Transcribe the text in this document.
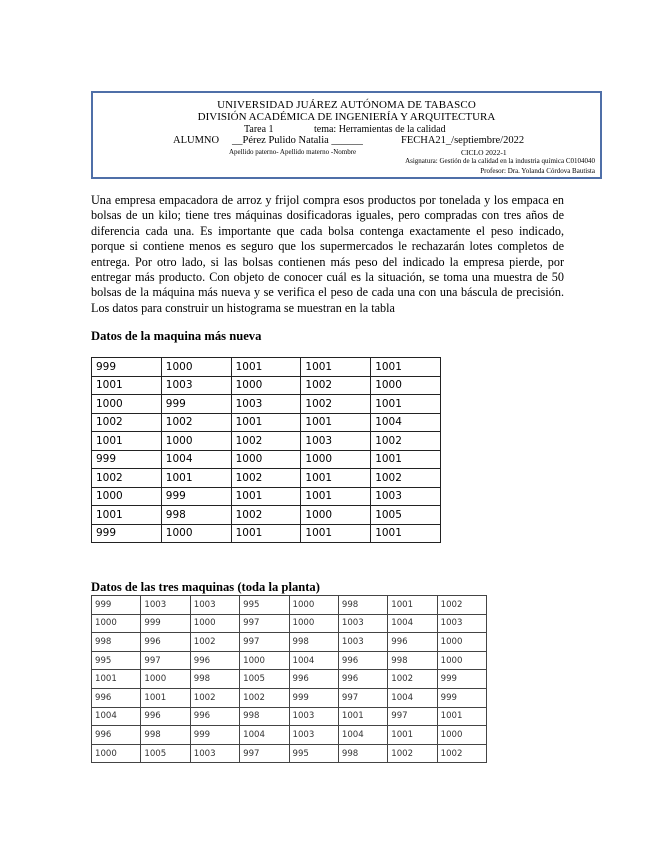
UNIVERSIDAD JUÁREZ AUTÓNOMA DE TABASCO
DIVISIÓN ACADÉMICA DE INGENIERÍA Y ARQUITECTURA
Tarea 1	tema: Herramientas de la calidad
ALUMNO __Pérez Pulido Natalia ______	FECHA21_/septiembre/2022
Apellido paterno- Apellido materno -Nombre	CICLO 2022-1
Asignatura: Gestión de la calidad en la industria química C0104040
Profesor: Dra. Yolanda Córdova Bautista
Una empresa empacadora de arroz y frijol compra esos productos por tonelada y los empaca en bolsas de un kilo; tiene tres máquinas dosificadoras iguales, pero compradas con tres años de diferencia cada una. Es importante que cada bolsa contenga exactamente el peso indicado, porque si contiene menos es seguro que los supermercados le rechazarán lotes completos de entrega. Por otro lado, si las bolsas contienen más peso del indicado la empresa pierde, por entregar más producto. Con objeto de conocer cuál es la situación, se toma una muestra de 50 bolsas de la máquina más nueva y se verifica el peso de cada una con una báscula de precisión. Los datos para construir un histograma se muestran en la tabla
Datos de la maquina más nueva
999	1000	1001	1001	1001
1001	1003	1000	1002	1000
1000	999	1003	1002	1001
1002	1002	1001	1001	1004
1001	1000	1002	1003	1002
999	1004	1000	1000	1001
1002	1001	1002	1001	1002
1000	999	1001	1001	1003
1001	998	1002	1000	1005
999	1000	1001	1001	1001
Datos de las tres maquinas (toda la planta)
999	1003	1003	995	1000	998	1001	1002
1000	999	1000	997	1000	1003	1004	1003
998	996	1002	997	998	1003	996	1000
995	997	996	1000	1004	996	998	1000
1001	1000	998	1005	996	996	1002	999
996	1001	1002	1002	999	997	1004	999
1004	996	996	998	1003	1001	997	1001
996	998	999	1004	1003	1004	1001	1000
1000	1005	1003	997	995	998	1002	1002
